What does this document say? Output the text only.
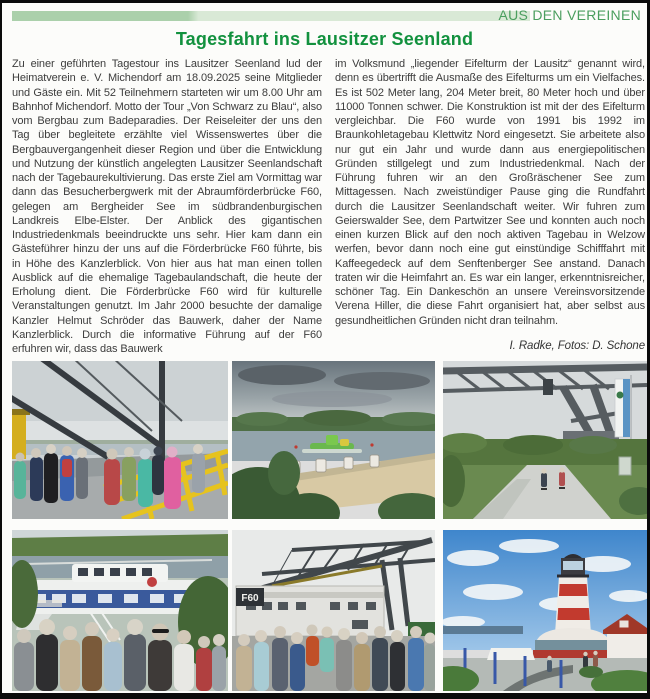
AUS DEN VEREINEN
Tagesfahrt ins Lausitzer Seenland
Zu einer geführten Tagestour ins Lausitzer Seenland lud der Heimatverein e. V. Michendorf am 18.09.2025 seine Mitglieder und Gäste ein. Mit 52 Teilnehmern starteten wir um 8.00 Uhr am Bahnhof Michendorf. Motto der Tour „Von Schwarz zu Blau“, also vom Bergbau zum Badeparadies. Der Reiseleiter der uns den Tag über begleitete erzählte viel Wissenswertes über die Bergbauvergangenheit dieser Region und über die Entwicklung und Nutzung der künstlich angelegten Lausitzer Seenlandschaft nach der Tagebaurekultivierung. Das erste Ziel am Vormittag war dann das Besucherbergwerk mit der Abraumförderbrücke F60, gelegen am Bergheider See im südbrandenburgischen Landkreis Elbe-Elster. Der Anblick des gigantischen Industriedenkmals beeindruckte uns sehr. Hier kam dann ein Gästeführer hinzu der uns auf die Förderbrücke F60 führte, bis in Höhe des Kanzlerblick. Von hier aus hat man einen tollen Ausblick auf die ehemalige Tagebaulandschaft, die heute der Erholung dient. Die Förderbrücke F60 wird für kulturelle Veranstaltungen genutzt. Im Jahr 2000 besuchte der damalige Kanzler Helmut Schröder das Bauwerk, daher der Name Kanzlerblick. Durch die informative Führung auf der F60 erfuhren wir, dass das Bauwerk
im Volksmund „liegender Eifelturm der Lausitz“ genannt wird, denn es übertrifft die Ausmaße des Eifelturms um ein Vielfaches. Es ist 502 Meter lang, 204 Meter breit, 80 Meter hoch und über 11000 Tonnen schwer. Die Konstruktion ist mit der des Eifelturm vergleichbar. Die F60 wurde von 1991 bis 1992 im Braunkohletagebau Klettwitz Nord eingesetzt. Sie arbeitete also nur gut ein Jahr und wurde dann aus energiepolitischen Gründen stillgelegt und zum Industriedenkmal. Nach der Führung fuhren wir an den Großräschener See zum Mittagessen. Nach zweistündiger Pause ging die Rundfahrt durch die Lausitzer Seenlandschaft weiter. Wir fuhren zum Geierswalder See, dem Partwitzer See und konnten auch noch einen kurzen Blick auf den noch aktiven Tagebau in Welzow werfen, bevor dann noch eine gut einstündige Schifffahrt mit Kaffeegedeck auf dem Senftenberger See anstand. Danach traten wir die Heimfahrt an. Es war ein langer, erkenntnisreicher, schöner Tag. Ein Dankeschön an unsere Vereinsvorsitzende Verena Hiller, die diese Fahrt organisiert hat, aber selbst aus gesundheitlichen Gründen nicht dran teilnahm.
I. Radke, Fotos: D. Schone
F60
Anzeigen
